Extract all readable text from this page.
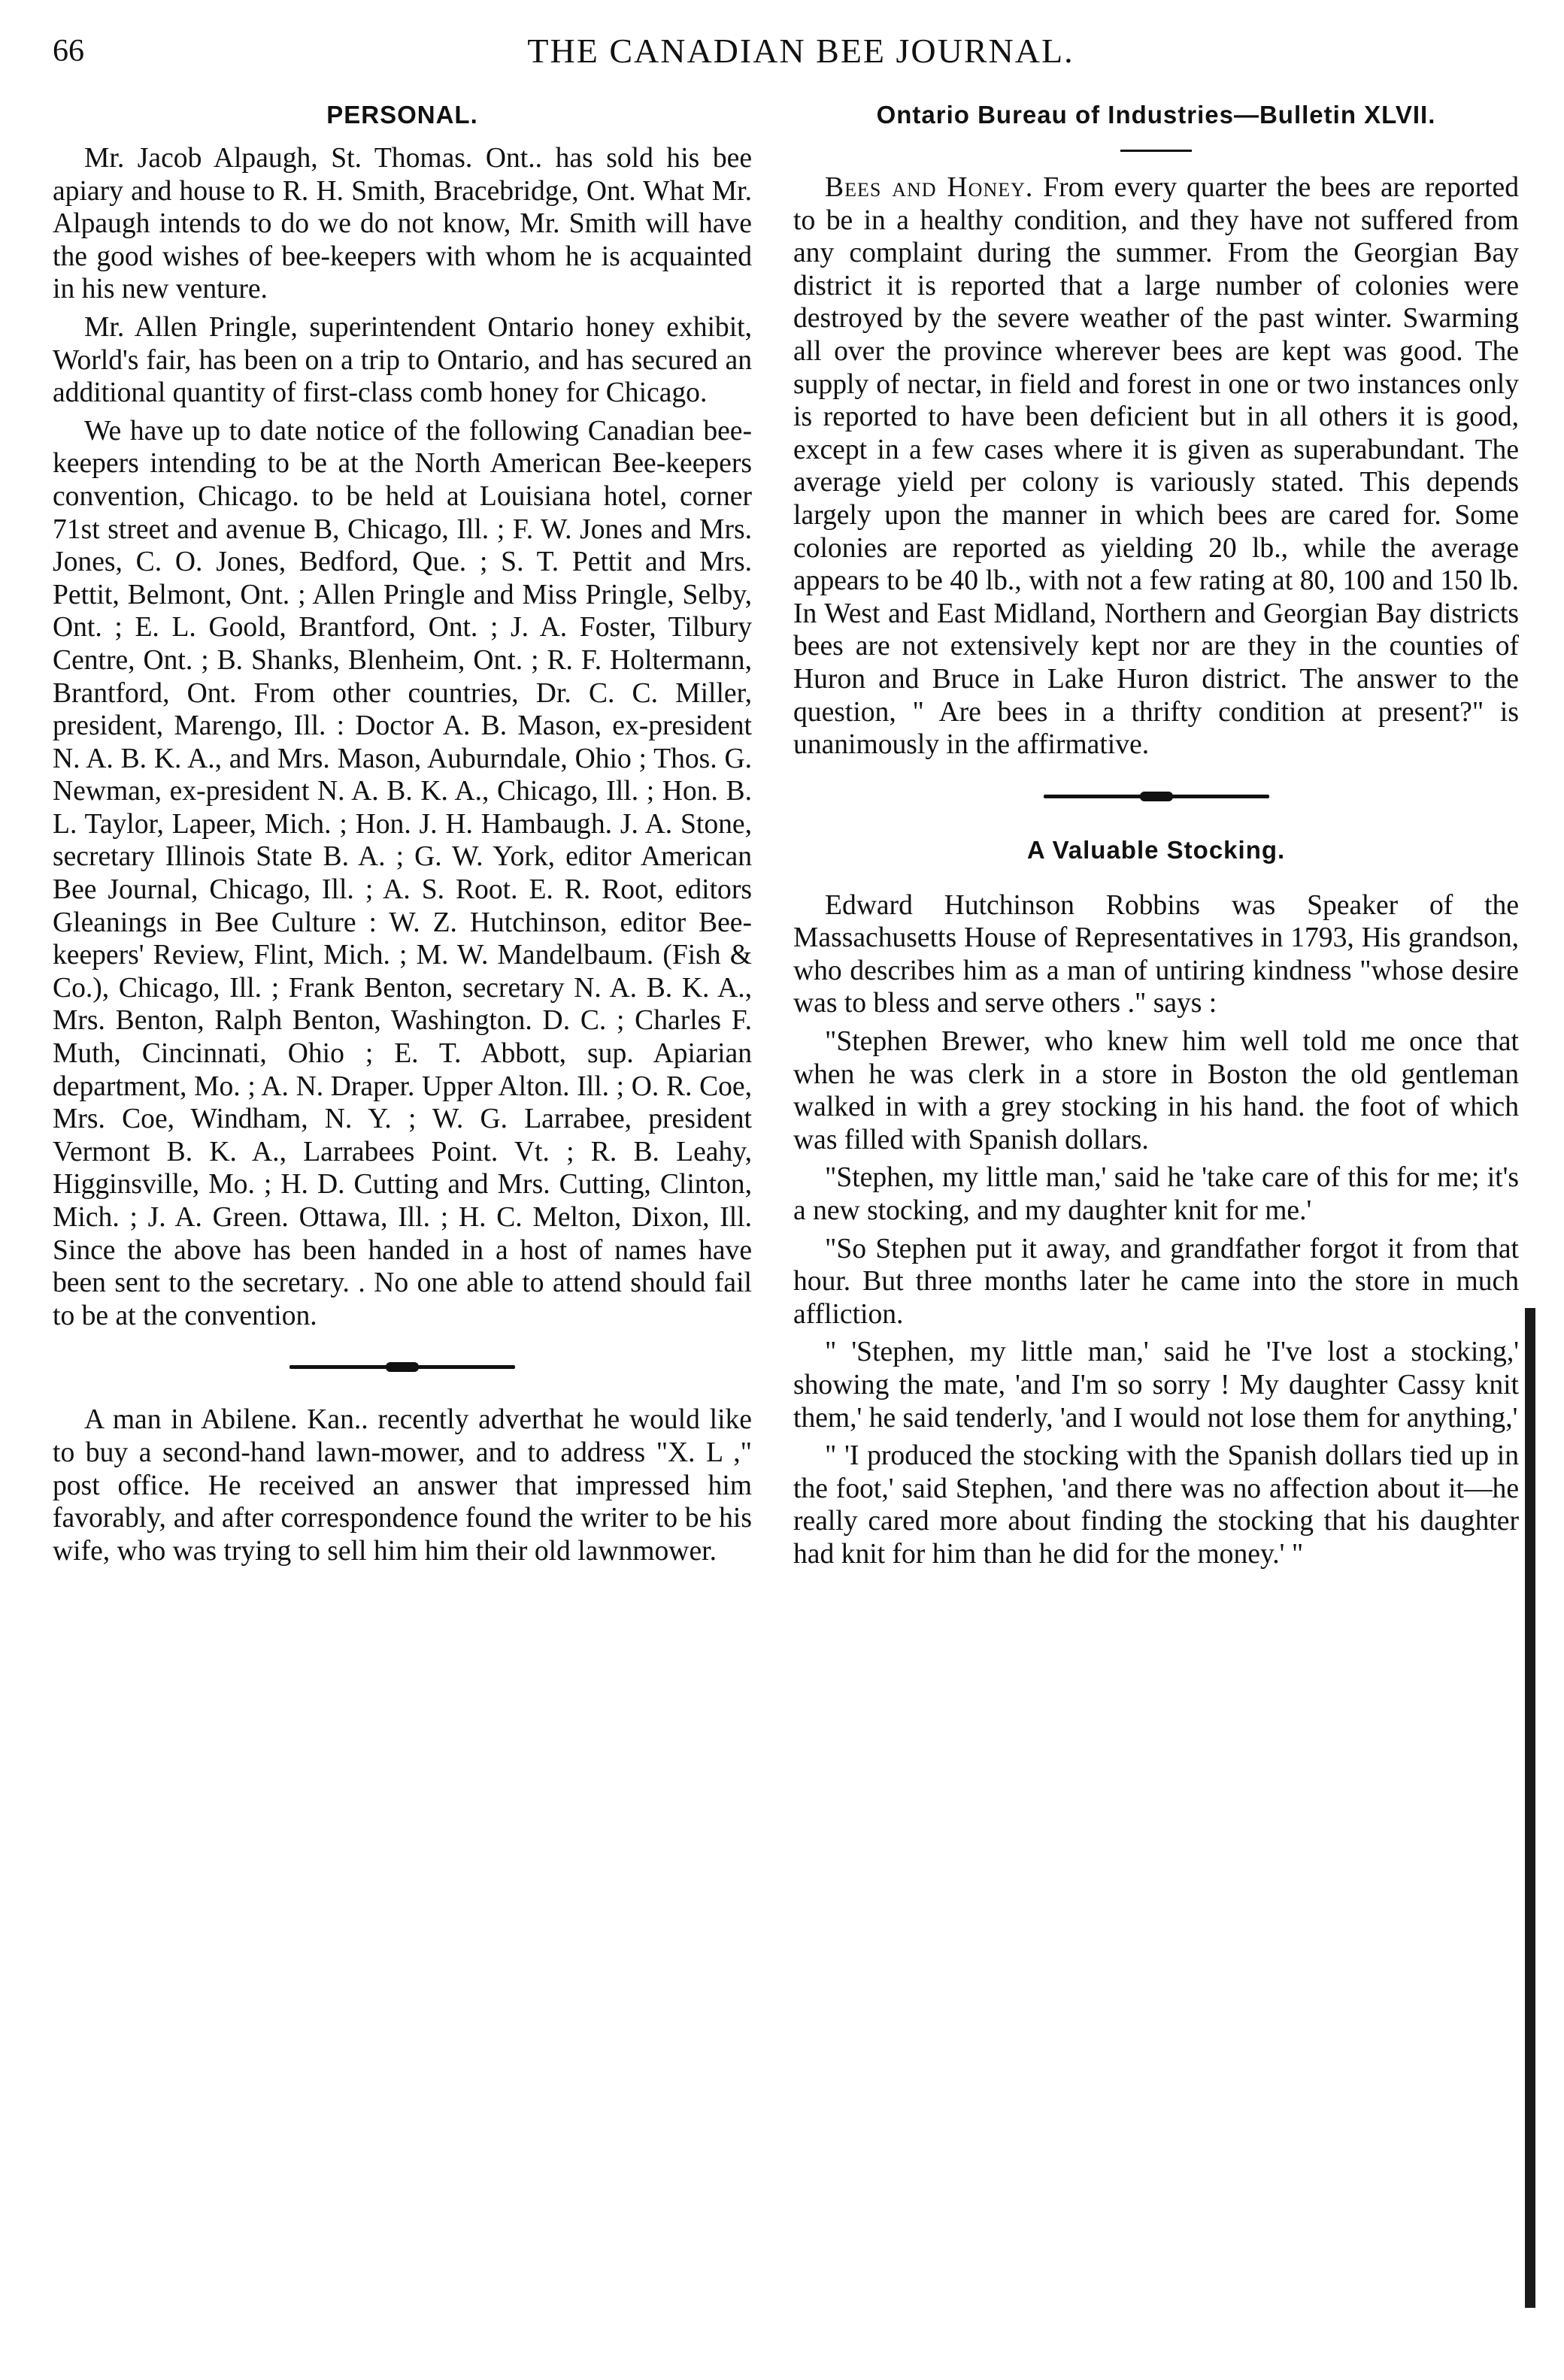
66	THE CANADIAN BEE JOURNAL.
PERSONAL.

Mr. Jacob Alpaugh, St. Thomas. Ont.. has sold his bee apiary and house to R. H. Smith, Bracebridge, Ont. What Mr. Alpaugh intends to do we do not know, Mr. Smith will have the good wishes of bee-keepers with whom he is acquainted in his new venture.

Mr. Allen Pringle, superintendent Ontario honey exhibit, World's fair, has been on a trip to Ontario, and has secured an additional quantity of first-class comb honey for Chicago.

We have up to date notice of the following Canadian bee-keepers intending to be at the North American Bee-keepers convention, Chicago. to be held at Louisiana hotel, corner 71st street and avenue B, Chicago, Ill. ; F. W. Jones and Mrs. Jones, C. O. Jones, Bedford, Que. ; S. T. Pettit and Mrs. Pettit, Belmont, Ont. ; Allen Pringle and Miss Pringle, Selby, Ont. ; E. L. Goold, Brantford, Ont. ; J. A. Foster, Tilbury Centre, Ont. ; B. Shanks, Blenheim, Ont. ; R. F. Holtermann, Brantford, Ont. From other countries, Dr. C. C. Miller, president, Marengo, Ill. : Doctor A. B. Mason, ex-president N. A. B. K. A., and Mrs. Mason, Auburndale, Ohio ; Thos. G. Newman, ex-president N. A. B. K. A., Chicago, Ill. ; Hon. B. L. Taylor, Lapeer, Mich. ; Hon. J. H. Hambaugh. J. A. Stone, secretary Illinois State B. A. ; G. W. York, editor American Bee Journal, Chicago, Ill. ; A. S. Root. E. R. Root, editors Gleanings in Bee Culture : W. Z. Hutchinson, editor Bee-keepers' Review, Flint, Mich. ; M. W. Mandelbaum. (Fish & Co.), Chicago, Ill. ; Frank Benton, secretary N. A. B. K. A., Mrs. Benton, Ralph Benton, Washington. D. C. ; Charles F. Muth, Cincinnati, Ohio ; E. T. Abbott, sup. Apiarian department, Mo. ; A. N. Draper. Upper Alton. Ill. ; O. R. Coe, Mrs. Coe, Windham, N. Y. ; W. G. Larrabee, president Vermont B. K. A., Larrabees Point. Vt. ; R. B. Leahy, Higginsville, Mo. ; H. D. Cutting and Mrs. Cutting, Clinton, Mich. ; J. A. Green. Ottawa, Ill. ; H. C. Melton, Dixon, Ill. Since the above has been handed in a host of names have been sent to the secretary. . No one able to attend should fail to be at the convention.

A man in Abilene. Kan.. recently adverthat he would like to buy a second-hand lawn-mower, and to address "X. L ," post office. He received an answer that impressed him favorably, and after correspondence found the writer to be his wife, who was trying to sell him him their old lawnmower.

Ontario Bureau of Industries—Bulletin XLVII.

Bees and Honey. From every quarter the bees are reported to be in a healthy condition, and they have not suffered from any complaint during the summer. From the Georgian Bay district it is reported that a large number of colonies were destroyed by the severe weather of the past winter. Swarming all over the province wherever bees are kept was good. The supply of nectar, in field and forest in one or two instances only is reported to have been deficient but in all others it is good, except in a few cases where it is given as superabundant. The average yield per colony is variously stated. This depends largely upon the manner in which bees are cared for. Some colonies are reported as yielding 20 lb., while the average appears to be 40 lb., with not a few rating at 80, 100 and 150 lb. In West and East Midland, Northern and Georgian Bay districts bees are not extensively kept nor are they in the counties of Huron and Bruce in Lake Huron district. The answer to the question, " Are bees in a thrifty condition at present?" is unanimously in the affirmative.

A Valuable Stocking.

Edward Hutchinson Robbins was Speaker of the Massachusetts House of Representatives in 1793, His grandson, who describes him as a man of untiring kindness "whose desire was to bless and serve others ." says :

"Stephen Brewer, who knew him well told me once that when he was clerk in a store in Boston the old gentleman walked in with a grey stocking in his hand. the foot of which was filled with Spanish dollars.

"Stephen, my little man,' said he 'take care of this for me; it's a new stocking, and my daughter knit for me.'

"So Stephen put it away, and grandfather forgot it from that hour. But three months later he came into the store in much affliction.

" 'Stephen, my little man,' said he 'I've lost a stocking,' showing the mate, 'and I'm so sorry ! My daughter Cassy knit them,' he said tenderly, 'and I would not lose them for anything,'

" 'I produced the stocking with the Spanish dollars tied up in the foot,' said Stephen, 'and there was no affection about it—he really cared more about finding the stocking that his daughter had knit for him than he did for the money.' "
